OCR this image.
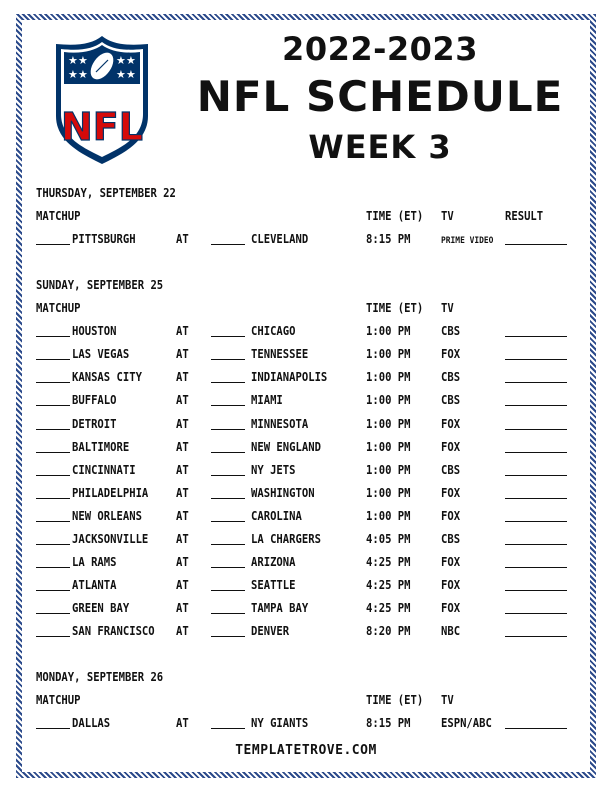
★ ★	★ ★
★ ★	★ ★
NFL
2022-2023
NFL SCHEDULE
WEEK 3
THURSDAY, SEPTEMBER 22
MATCHUP	TIME (ET) TV	RESULT
PITTSBURGH	AT	CLEVELAND	8:15 PM	PRIME VIDEO
SUNDAY, SEPTEMBER 25
MATCHUP	TIME (ET) TV
HOUSTON	AT	CHICAGO	1:00 PM	CBS
LAS VEGAS	AT	TENNESSEE	1:00 PM	FOX
KANSAS CITY	AT	INDIANAPOLIS	1:00 PM	CBS
BUFFALO	AT	MIAMI	1:00 PM	CBS
DETROIT	AT	MINNESOTA	1:00 PM	FOX
BALTIMORE	AT	NEW ENGLAND	1:00 PM	FOX
CINCINNATI	AT	NY JETS	1:00 PM	CBS
PHILADELPHIA AT	WASHINGTON	1:00 PM	FOX
NEW ORLEANS	AT	CAROLINA	1:00 PM	FOX
JACKSONVILLE AT	LA CHARGERS	4:05 PM	CBS
LA RAMS	AT	ARIZONA	4:25 PM	FOX
ATLANTA	AT	SEATTLE	4:25 PM	FOX
GREEN BAY	AT	TAMPA BAY	4:25 PM	FOX
SAN FRANCISCO AT	DENVER	8:20 PM	NBC
MONDAY, SEPTEMBER 26
MATCHUP	TIME (ET) TV
DALLAS	AT	NY GIANTS	8:15 PM	ESPN/ABC
TEMPLATETROVE.COM
